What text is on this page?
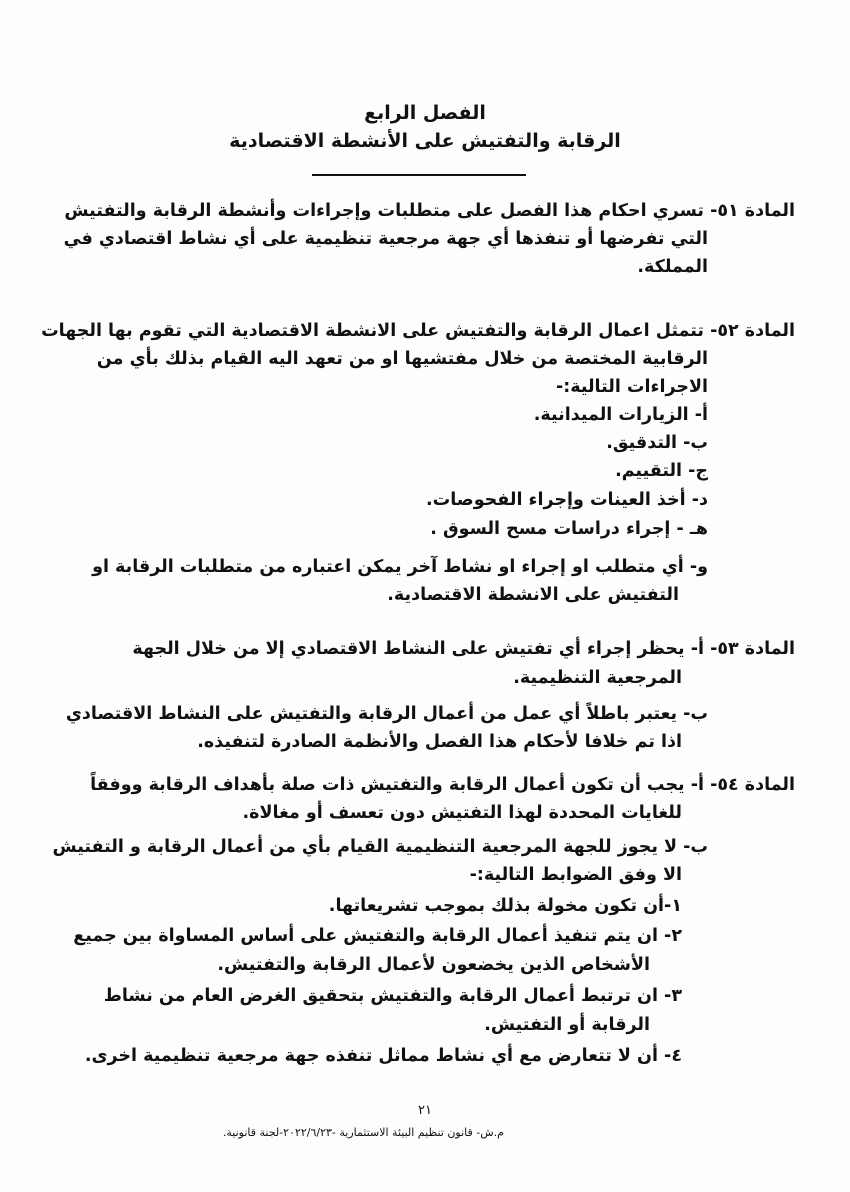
الفصل الرابع
الرقابة والتفتيش على الأنشطة الاقتصادية
المادة ٥١- تسري احكام هذا الفصل على متطلبات وإجراءات وأنشطة الرقابة والتفتيش
التي تفرضها أو تنفذها أي جهة مرجعية تنظيمية على أي نشاط اقتصادي في
المملكة.
المادة ٥٢- تتمثل اعمال الرقابة والتفتيش على الانشطة الاقتصادية التي تقوم بها الجهات
الرقابية المختصة من خلال مفتشيها او من تعهد اليه القيام بذلك بأي من
الاجراءات التالية:-
أ- الزيارات الميدانية.
ب- التدقيق.
ج- التقييم.
د- أخذ العينات وإجراء الفحوصات.
هـ - إجراء دراسات مسح السوق .
و- أي متطلب او إجراء او نشاط آخر يمكن اعتباره من متطلبات الرقابة او
التفتيش على الانشطة الاقتصادية.
المادة ٥٣- أ- يحظر إجراء أي تفتيش على النشاط الاقتصادي إلا من خلال الجهة
المرجعية التنظيمية.
ب- يعتبر باطلاً أي عمل من أعمال الرقابة والتفتيش على النشاط الاقتصادي
اذا تم خلافا لأحكام هذا الفصل والأنظمة الصادرة لتنفيذه.
المادة ٥٤- أ- يجب أن تكون أعمال الرقابة والتفتيش ذات صلة بأهداف الرقابة ووفقاً
للغايات المحددة لهذا التفتيش دون تعسف أو مغالاة.
ب- لا يجوز للجهة المرجعية التنظيمية القيام بأي من أعمال الرقابة و التفتيش
الا وفق الضوابط التالية:-
١-أن تكون مخولة بذلك بموجب تشريعاتها.
٢- ان يتم تنفيذ أعمال الرقابة والتفتيش على أساس المساواة بين جميع
الأشخاص الذين يخضعون لأعمال الرقابة والتفتيش.
٣- ان ترتبط أعمال الرقابة والتفتيش بتحقيق الغرض العام من نشاط
الرقابة أو التفتيش.
٤- أن لا تتعارض مع أي نشاط مماثل تنفذه جهة مرجعية تنظيمية اخرى.
٢١
م.ش- قانون تنظيم البيئة الاستثمارية -٢٠٢٢/٦/٢٣-لجنة قانونية.
